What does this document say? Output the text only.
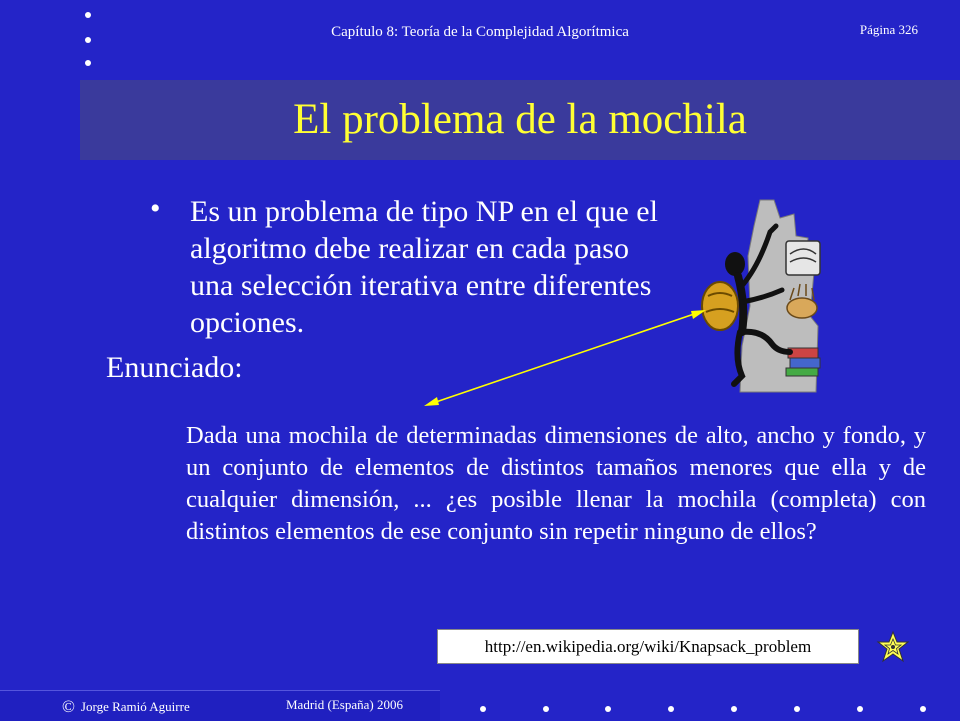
Capítulo 8: Teoría de la Complejidad Algorítmica	Página 326
El problema de la mochila
• Es un problema de tipo NP en el que el algoritmo debe realizar en cada paso una selección iterativa entre diferentes opciones.
Enunciado:
Dada una mochila de determinadas dimensiones de alto, ancho y fondo, y un conjunto de elementos de distintos tamaños menores que ella y de cualquier dimensión, ... ¿es posible llenar la mochila (completa) con distintos elementos de ese conjunto sin repetir ninguno de ellos?
http://en.wikipedia.org/wiki/Knapsack_problem
© Jorge Ramió Aguirre	Madrid (España) 2006
